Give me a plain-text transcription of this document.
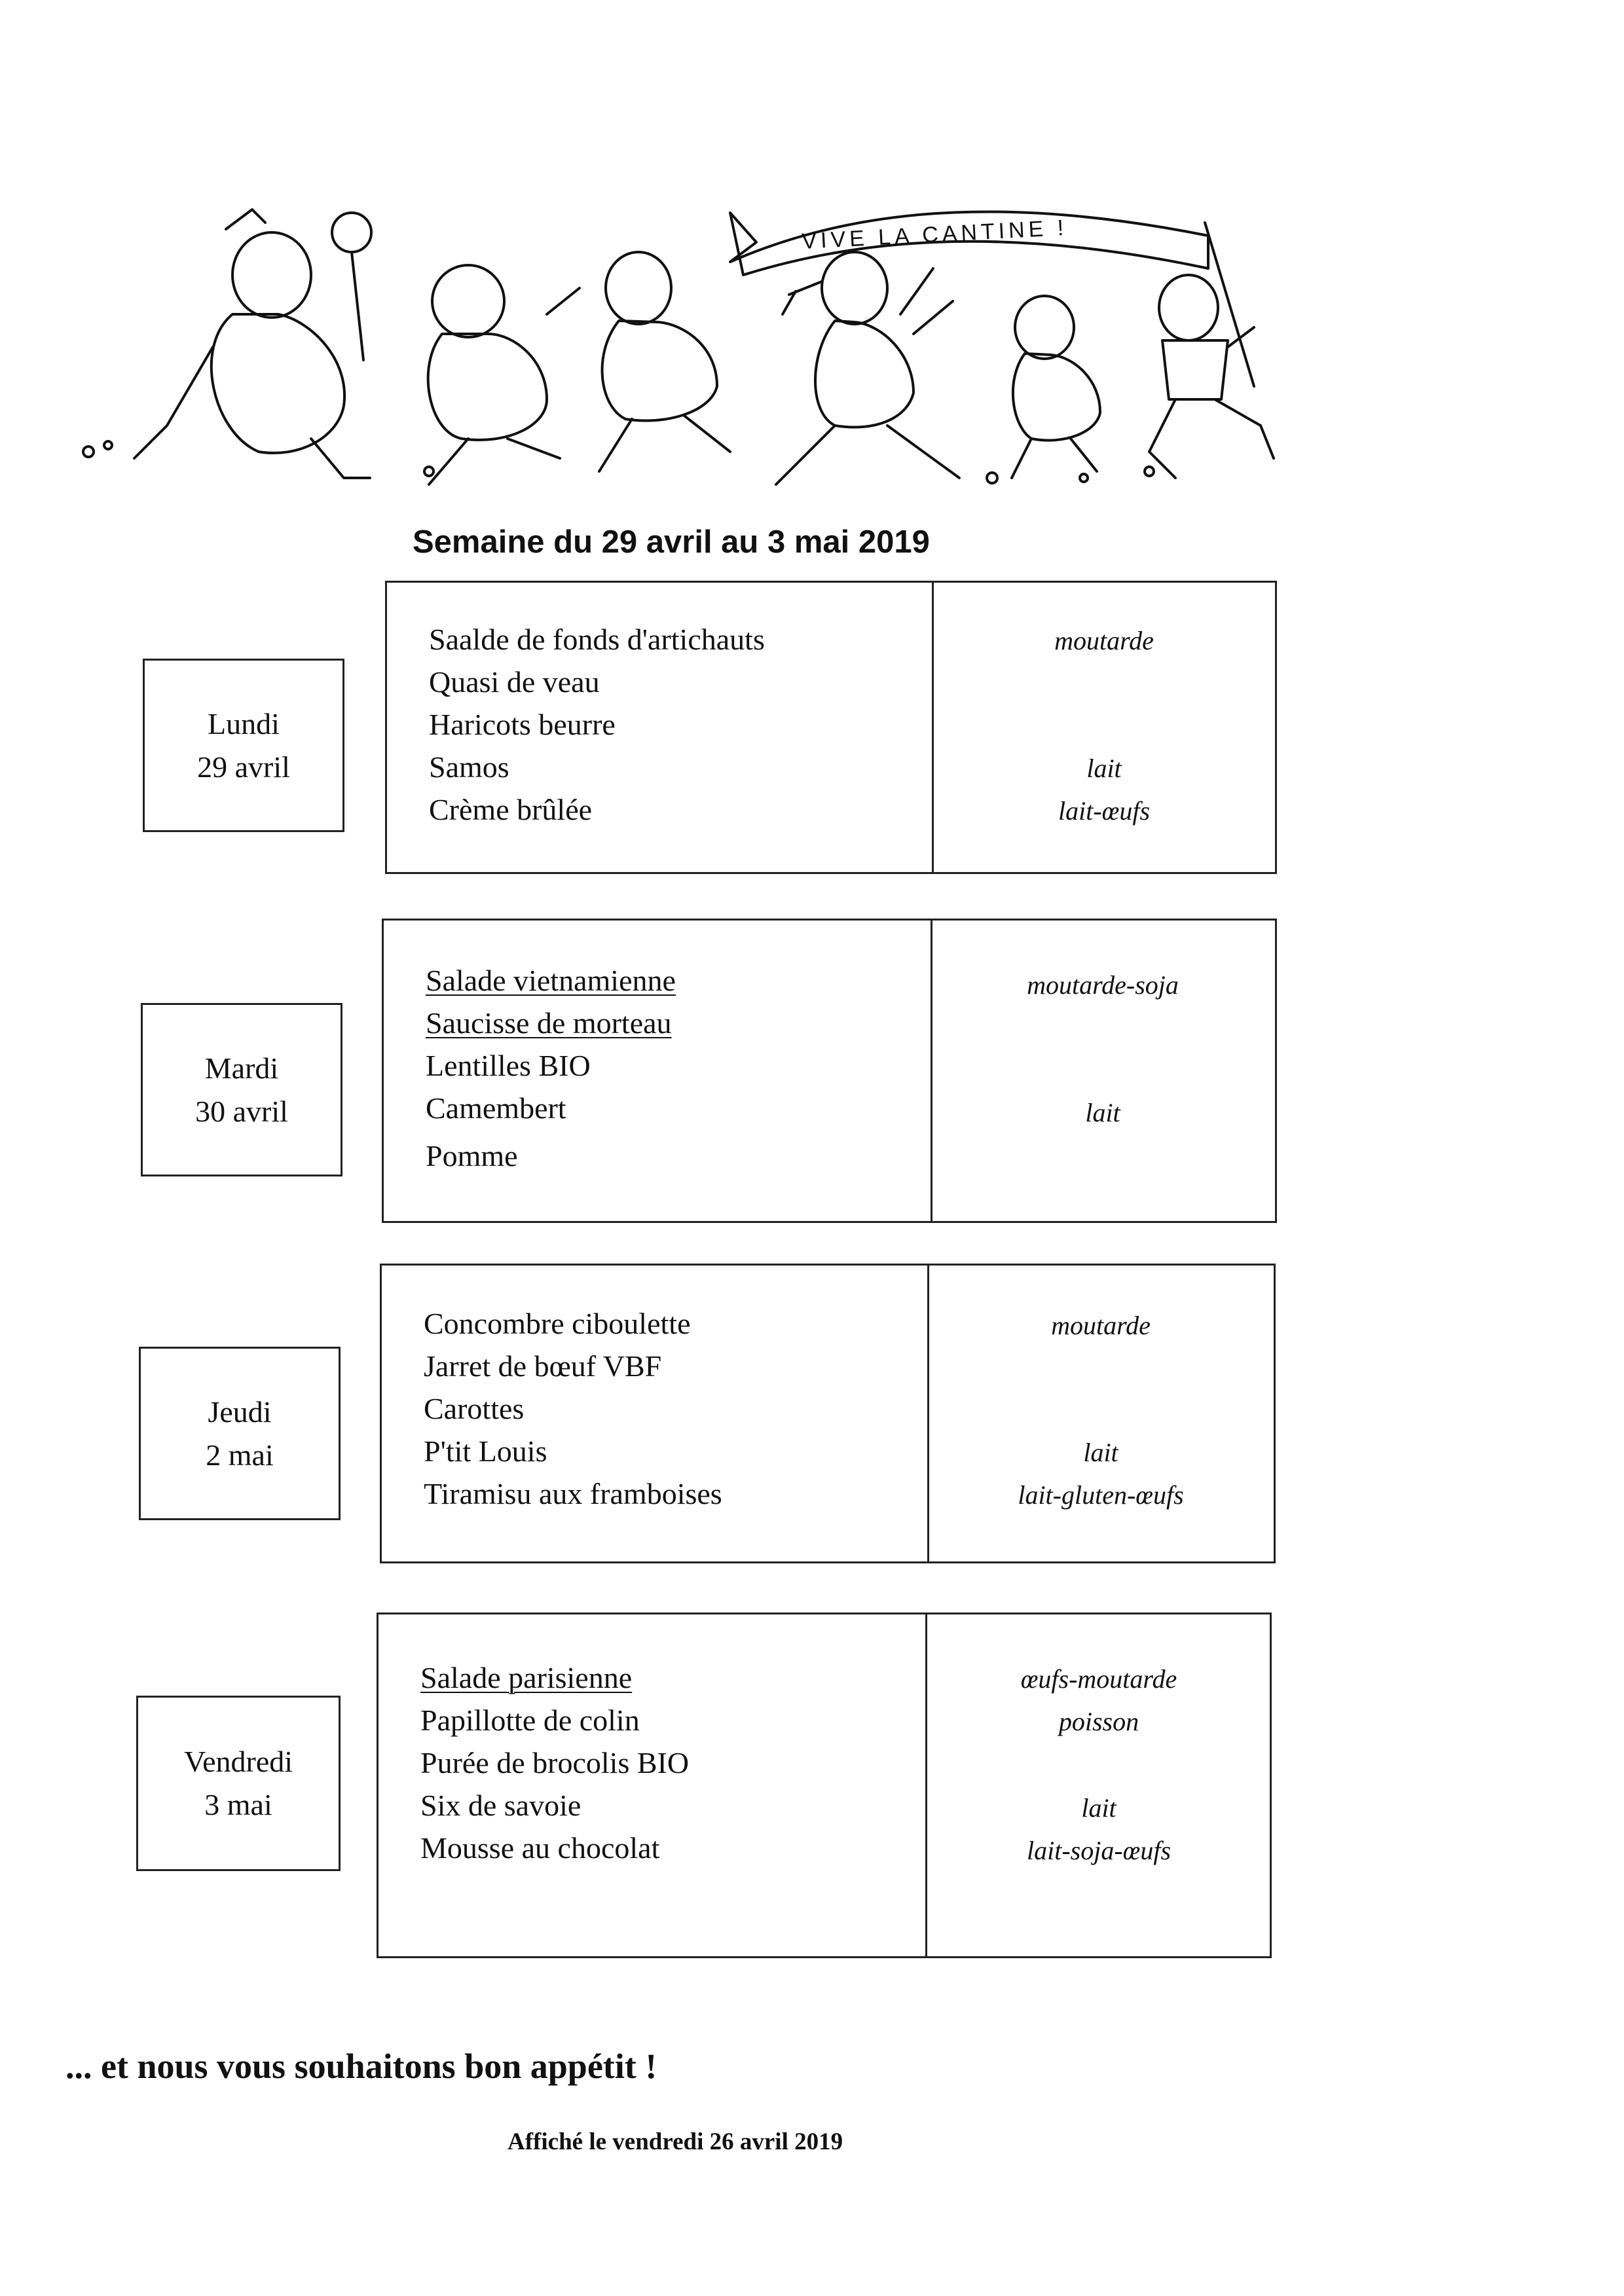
VIVE LA CANTINE !
Semaine du 29 avril au 3 mai 2019
Lundi
29 avril
Saalde de fonds d'artichauts
Quasi de veau
Haricots beurre
Samos
Crème brûlée
moutarde
lait
lait-œufs
Mardi
30 avril
Salade vietnamienne
Saucisse de morteau
Lentilles BIO
Camembert
Pomme
moutarde-soja
lait
Jeudi
2 mai
Concombre ciboulette
Jarret de bœuf VBF
Carottes
P'tit Louis
Tiramisu aux framboises
moutarde
lait
lait-gluten-œufs
Vendredi
3 mai
Salade parisienne
Papillotte de colin
Purée de brocolis BIO
Six de savoie
Mousse au chocolat
œufs-moutarde
poisson
lait
lait-soja-œufs
... et nous vous souhaitons bon appétit !
Affiché le vendredi 26 avril 2019
